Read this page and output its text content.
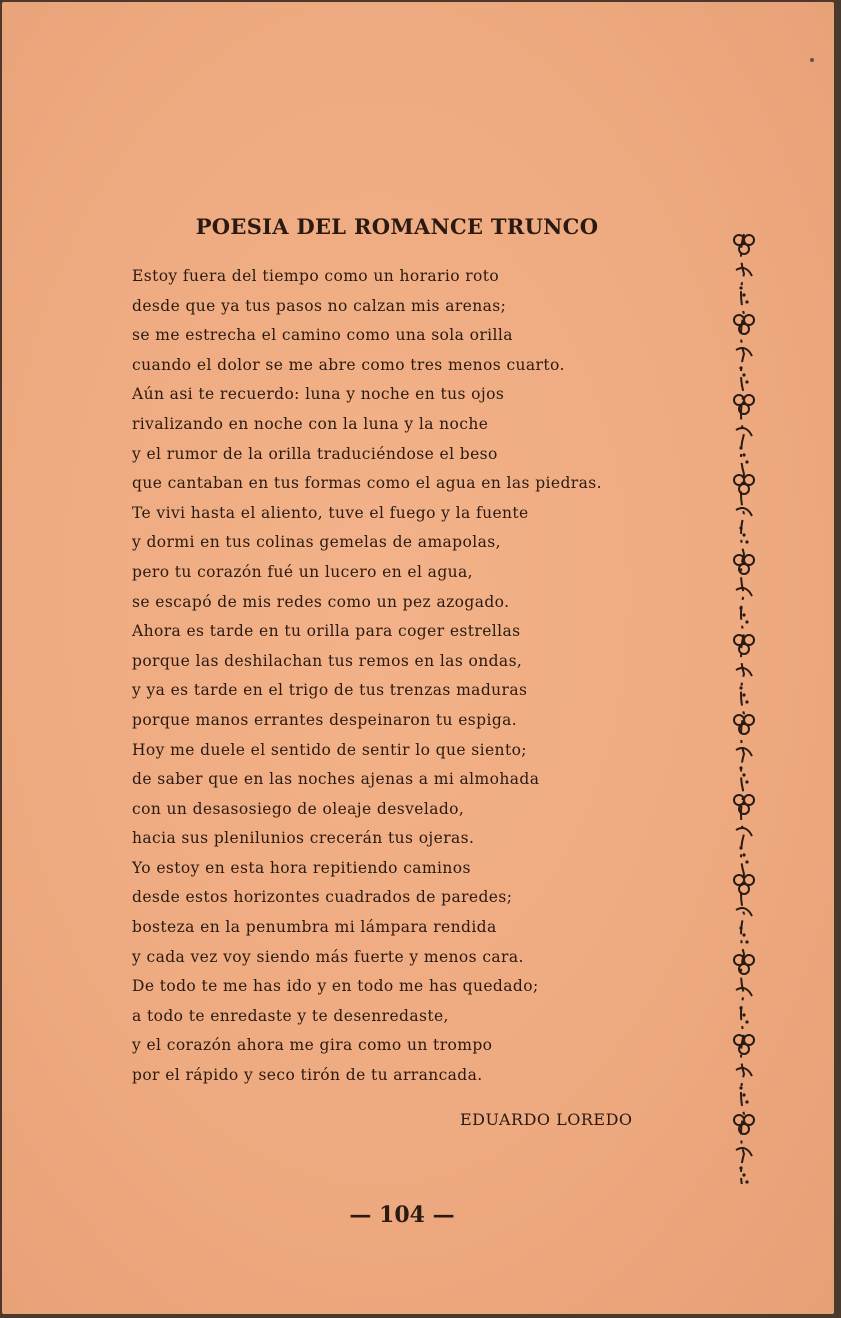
POESIA DEL ROMANCE TRUNCO
Estoy fuera del tiempo como un horario roto
desde que ya tus pasos no calzan mis arenas;
se me estrecha el camino como una sola orilla
cuando el dolor se me abre como tres menos cuarto.
Aún asi te recuerdo: luna y noche en tus ojos
rivalizando en noche con la luna y la noche
y el rumor de la orilla traduciéndose el beso
que cantaban en tus formas como el agua en las piedras.
Te vivi hasta el aliento, tuve el fuego y la fuente
y dormi en tus colinas gemelas de amapolas,
pero tu corazón fué un lucero en el agua,
se escapó de mis redes como un pez azogado.
Ahora es tarde en tu orilla para coger estrellas
porque las deshilachan tus remos en las ondas,
y ya es tarde en el trigo de tus trenzas maduras
porque manos errantes despeinaron tu espiga.
Hoy me duele el sentido de sentir lo que siento;
de saber que en las noches ajenas a mi almohada
con un desasosiego de oleaje desvelado,
hacia sus plenilunios crecerán tus ojeras.
Yo estoy en esta hora repitiendo caminos
desde estos horizontes cuadrados de paredes;
bosteza en la penumbra mi lámpara rendida
y cada vez voy siendo más fuerte y menos cara.
De todo te me has ido y en todo me has quedado;
a todo te enredaste y te desenredaste,
y el corazón ahora me gira como un trompo
por el rápido y seco tirón de tu arrancada.
EDUARDO LOREDO
— 104 —
